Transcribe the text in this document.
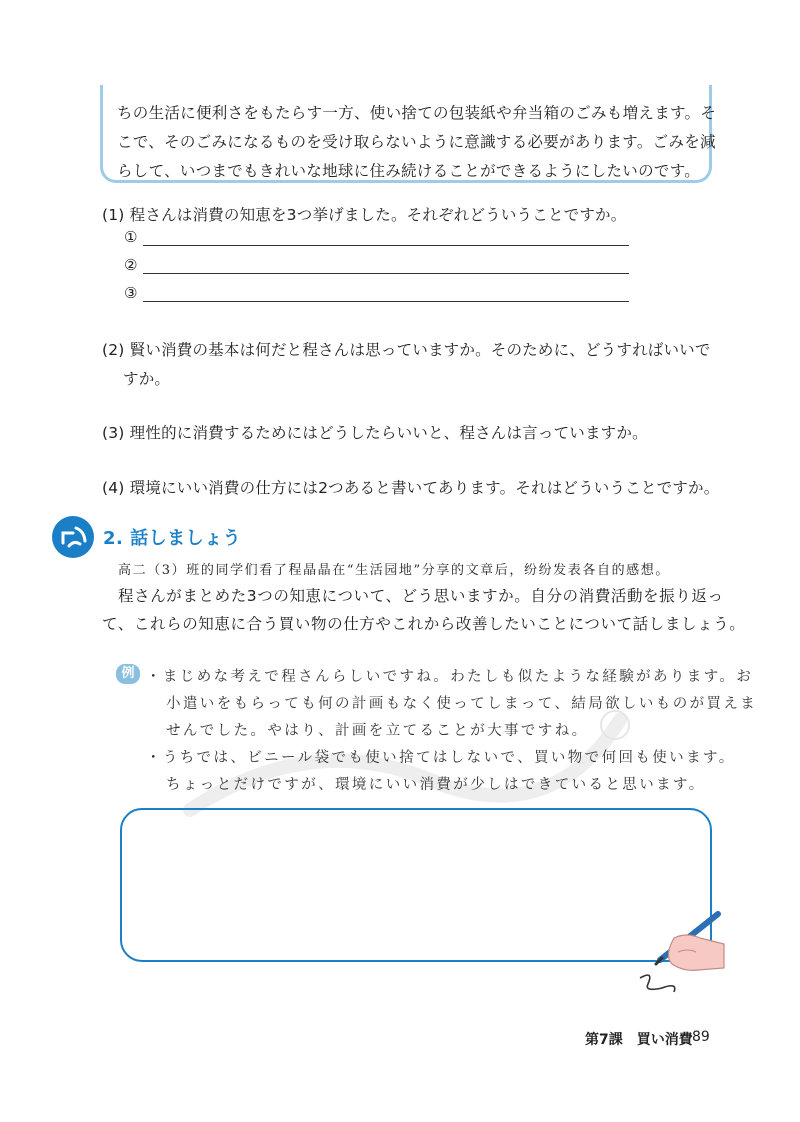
ちの生活に便利さをもたらす一方、使い捨ての包装紙や弁当箱のごみも増えます。そ
こで、そのごみになるものを受け取らないように意識する必要があります。ごみを減
らして、いつまでもきれいな地球に住み続けることができるようにしたいのです。
(1) 程さんは消費の知恵を3つ挙げました。それぞれどういうことですか。
①
②
③
(2) 賢い消費の基本は何だと程さんは思っていますか。そのために、どうすればいいで
すか。
(3) 理性的に消費するためにはどうしたらいいと、程さんは言っていますか。
(4) 環境にいい消費の仕方には2つあると書いてあります。それはどういうことですか。
2. 話しましょう
高二（3）班的同学们看了程晶晶在“生活园地”分享的文章后，纷纷发表各自的感想。
程さんがまとめた3つの知恵について、どう思いますか。自分の消費活動を振り返っ
て、これらの知恵に合う買い物の仕方やこれから改善したいことについて話しましょう。
例 ・まじめな考えで程さんらしいですね。わたしも似たような経験があります。お
小遣いをもらっても何の計画もなく使ってしまって、結局欲しいものが買えま
せんでした。やはり、計画を立てることが大事ですね。
・うちでは、ビニール袋でも使い捨てはしないで、買い物で何回も使います。
ちょっとだけですが、環境にいい消費が少しはできていると思います。
第7課　買い消費 89
